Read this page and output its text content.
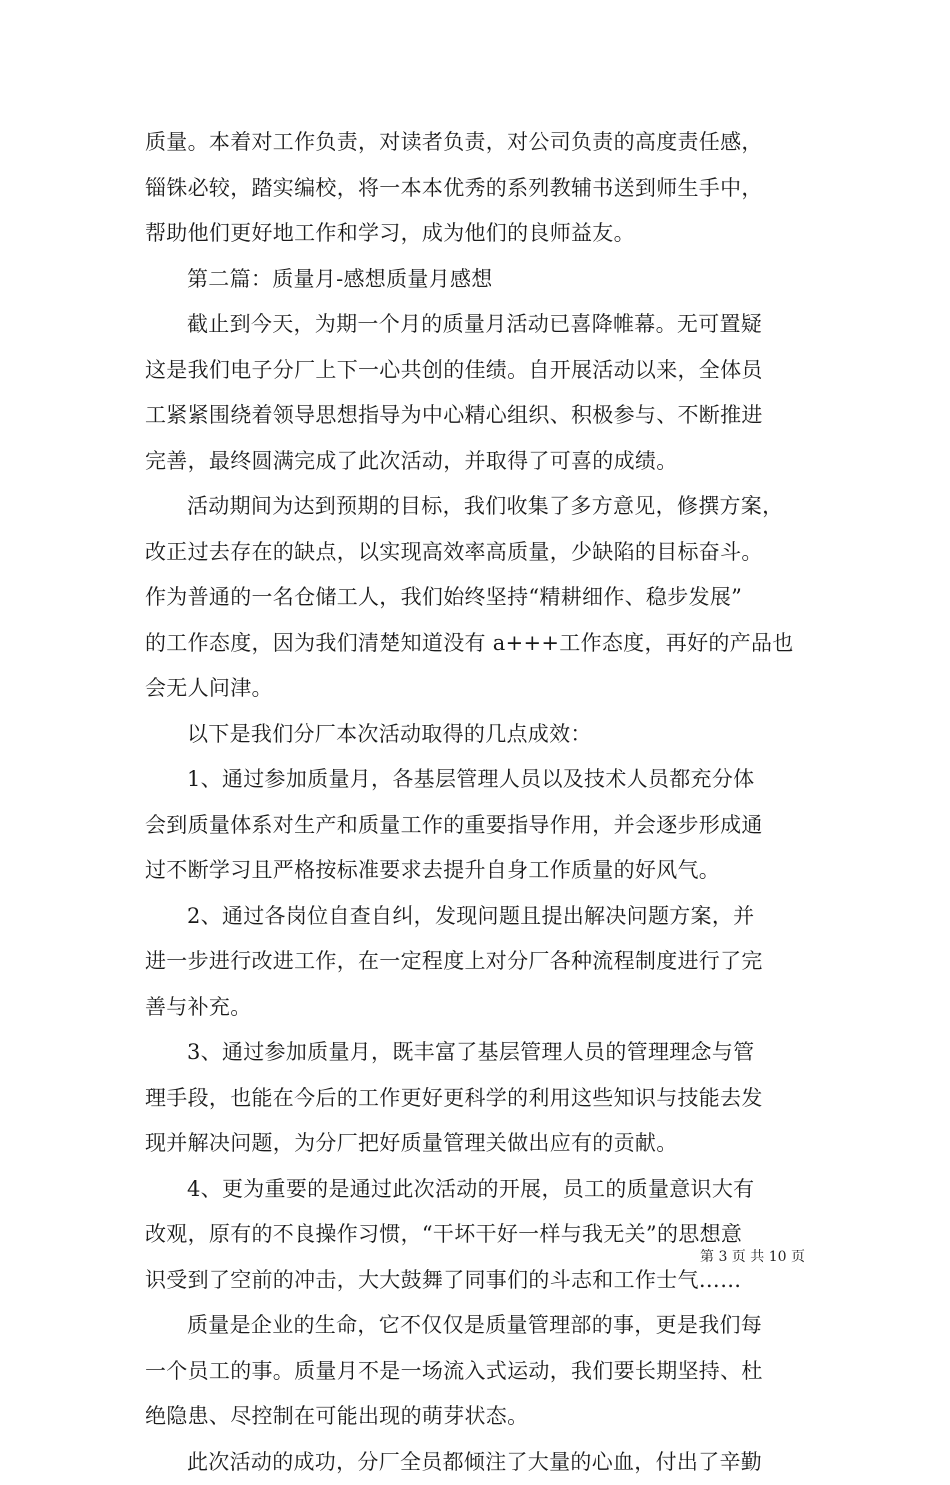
质量。本着对工作负责，对读者负责，对公司负责的高度责任感，
锱铢必较，踏实编校，将一本本优秀的系列教辅书送到师生手中，
帮助他们更好地工作和学习，成为他们的良师益友。
第二篇：质量月-感想质量月感想
截止到今天，为期一个月的质量月活动已喜降帷幕。无可置疑
这是我们电子分厂上下一心共创的佳绩。自开展活动以来，全体员
工紧紧围绕着领导思想指导为中心精心组织、积极参与、不断推进
完善，最终圆满完成了此次活动，并取得了可喜的成绩。
活动期间为达到预期的目标，我们收集了多方意见，修撰方案，
改正过去存在的缺点，以实现高效率高质量，少缺陷的目标奋斗。
作为普通的一名仓储工人，我们始终坚持“精耕细作、稳步发展”
的工作态度，因为我们清楚知道没有 a+++工作态度，再好的产品也
会无人问津。
以下是我们分厂本次活动取得的几点成效：
1、通过参加质量月，各基层管理人员以及技术人员都充分体
会到质量体系对生产和质量工作的重要指导作用，并会逐步形成通
过不断学习且严格按标准要求去提升自身工作质量的好风气。
2、通过各岗位自查自纠，发现问题且提出解决问题方案，并
进一步进行改进工作，在一定程度上对分厂各种流程制度进行了完
善与补充。
3、通过参加质量月，既丰富了基层管理人员的管理理念与管
理手段，也能在今后的工作更好更科学的利用这些知识与技能去发
现并解决问题，为分厂把好质量管理关做出应有的贡献。
4、更为重要的是通过此次活动的开展，员工的质量意识大有
改观，原有的不良操作习惯，“干坏干好一样与我无关”的思想意
识受到了空前的冲击，大大鼓舞了同事们的斗志和工作士气……
质量是企业的生命，它不仅仅是质量管理部的事，更是我们每
一个员工的事。质量月不是一场流入式运动，我们要长期坚持、杜
绝隐患、尽控制在可能出现的萌芽状态。
此次活动的成功，分厂全员都倾注了大量的心血，付出了辛勤
第 3 页 共 10 页
